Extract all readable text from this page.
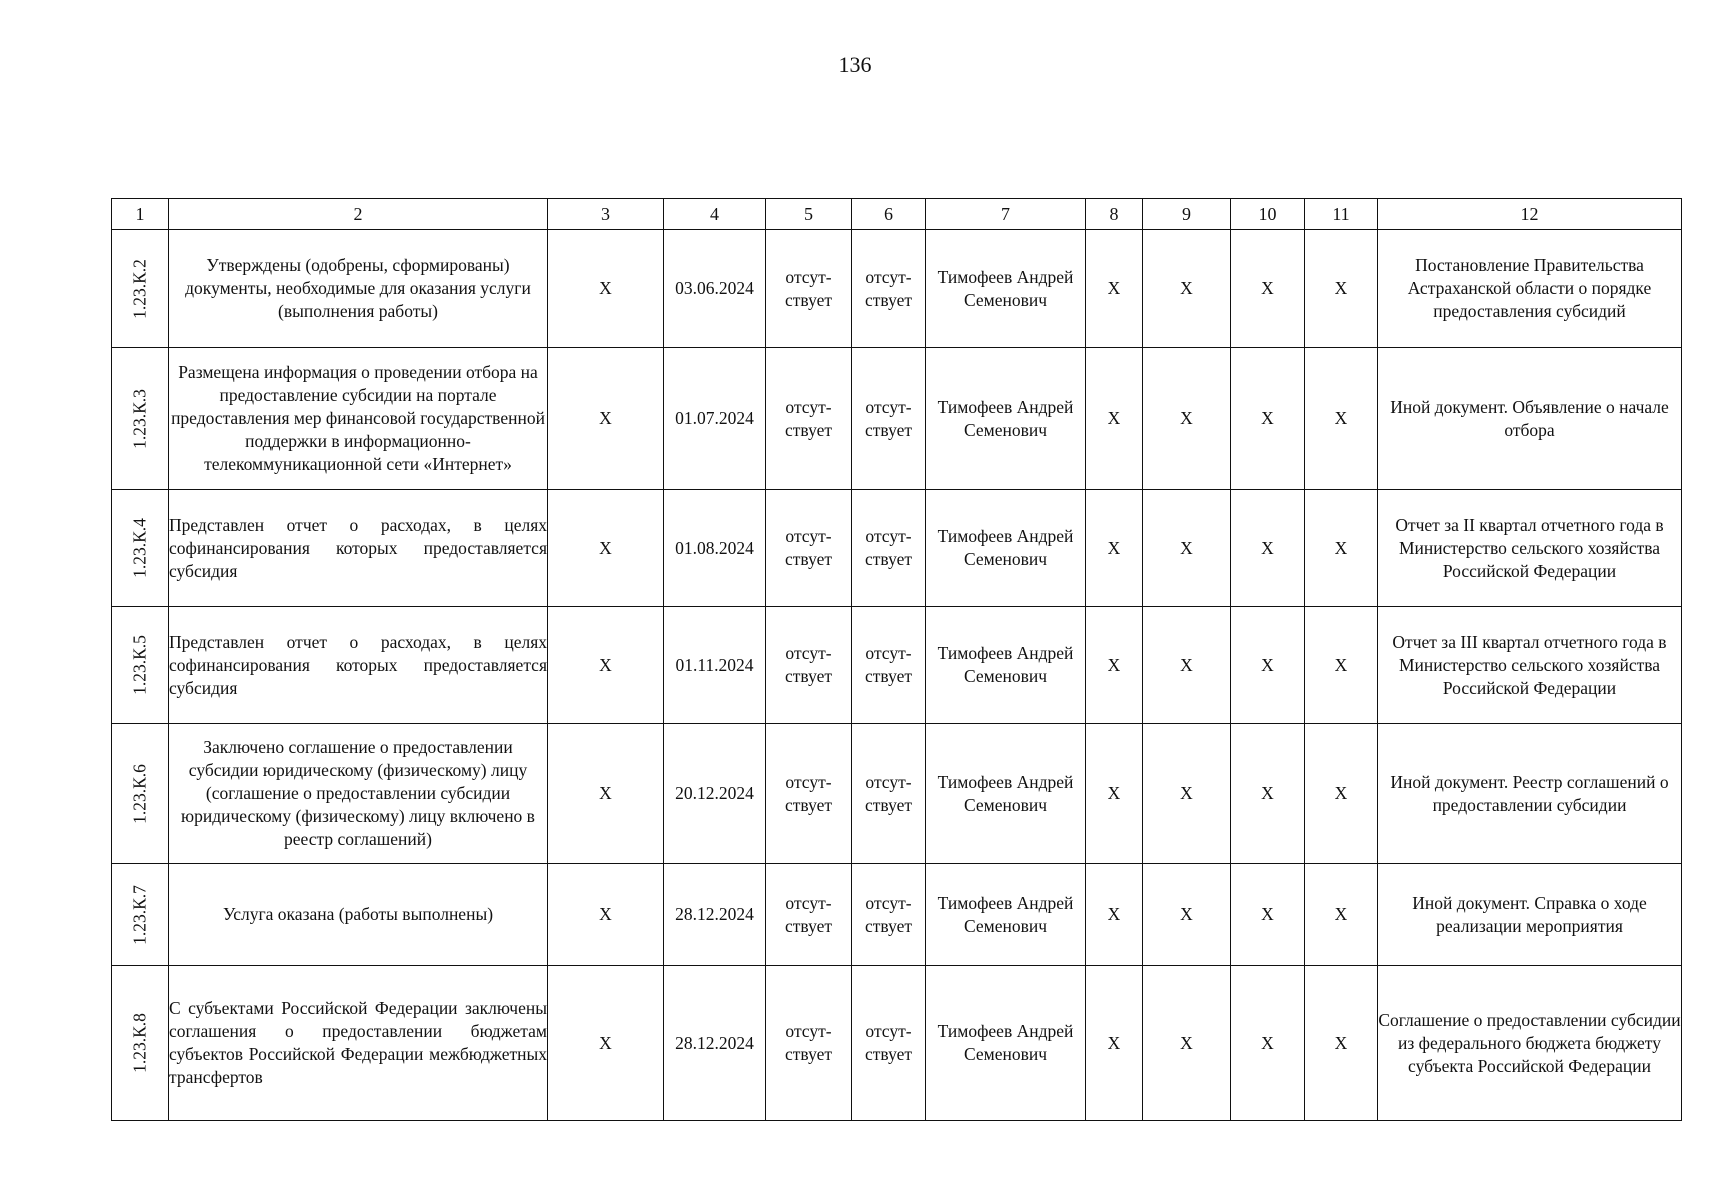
136
1	2	3	4	5	6	7	8	9	10	11	12

1.23.К.2	Утверждены (одобрены, сформированы) документы, необходимые для оказания услуги (выполнения работы)	X	03.06.2024	отсут-ствует	отсут-ствует	Тимофеев Андрей Семенович	X	X	X	X	Постановление Правительства Астраханской области о порядке предоставления субсидий

1.23.К.3	Размещена информация о проведении отбора на предоставление субсидии на портале предоставления мер финансовой государственной поддержки в информационно-телекоммуникационной сети «Интернет»	X	01.07.2024	отсут-ствует	отсут-ствует	Тимофеев Андрей Семенович	X	X	X	X	Иной документ. Объявление о начале отбора

1.23.К.4	Представлен отчет о расходах, в целях софинансирования которых предоставляется субсидия	X	01.08.2024	отсут-ствует	отсут-ствует	Тимофеев Андрей Семенович	X	X	X	X	Отчет за II квартал отчетного года в Министерство сельского хозяйства Российской Федерации

1.23.К.5	Представлен отчет о расходах, в целях софинансирования которых предоставляется субсидия	X	01.11.2024	отсут-ствует	отсут-ствует	Тимофеев Андрей Семенович	X	X	X	X	Отчет за III квартал отчетного года в Министерство сельского хозяйства Российской Федерации

1.23.К.6	Заключено соглашение о предоставлении субсидии юридическому (физическому) лицу (соглашение о предоставлении субсидии юридическому (физическому) лицу включено в реестр соглашений)	X	20.12.2024	отсут-ствует	отсут-ствует	Тимофеев Андрей Семенович	X	X	X	X	Иной документ. Реестр соглашений о предоставлении субсидии

1.23.К.7	Услуга оказана (работы выполнены)	X	28.12.2024	отсут-ствует	отсут-ствует	Тимофеев Андрей Семенович	X	X	X	X	Иной документ. Справка о ходе реализации мероприятия

1.23.К.8	С субъектами Российской Федерации заключены соглашения о предоставлении бюджетам субъектов Российской Федерации межбюджетных трансфертов	X	28.12.2024	отсут-ствует	отсут-ствует	Тимофеев Андрей Семенович	X	X	X	X	Соглашение о предоставлении субсидии из федерального бюджета бюджету субъекта Российской Федерации
